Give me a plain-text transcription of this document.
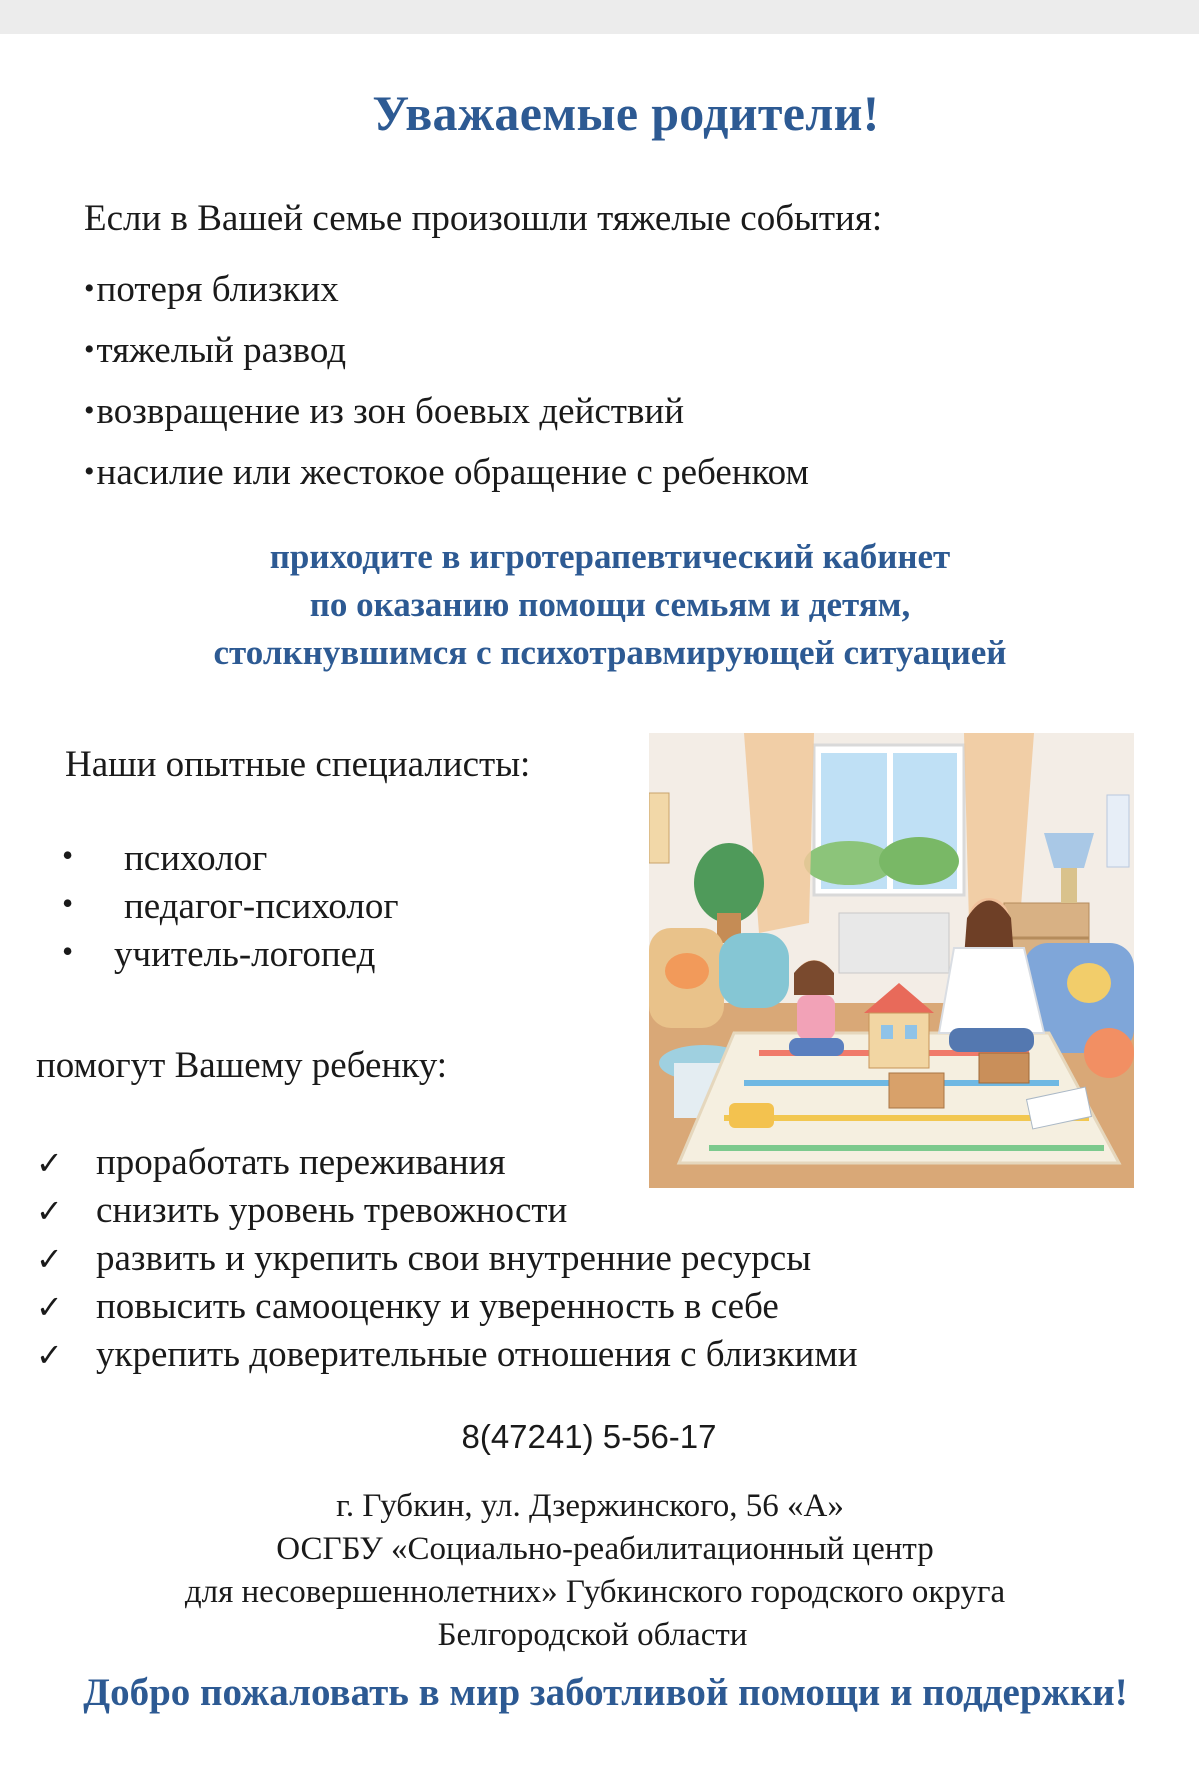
Уважаемые родители!
Если в Вашей семье произошли тяжелые события:
•потеря близких
•тяжелый развод
•возвращение из зон боевых действий
•насилие или жестокое обращение с ребенком
приходите в игротерапевтический кабинет
по оказанию помощи семьям и детям,
столкнувшимся с психотравмирующей ситуацией
Наши опытные специалисты:
• психолог
• педагог-психолог
• учитель-логопед
помогут Вашему ребенку:
✓ проработать переживания
✓ снизить уровень тревожности
✓ развить и укрепить свои внутренние ресурсы
✓ повысить самооценку и уверенность в себе
✓ укрепить доверительные отношения с близкими
8(47241) 5-56-17
г. Губкин, ул. Дзержинского, 56 «А»
ОСГБУ «Социально-реабилитационный центр
для несовершеннолетних» Губкинского городского округа
Белгородской области
Добро пожаловать в мир заботливой помощи и поддержки!
